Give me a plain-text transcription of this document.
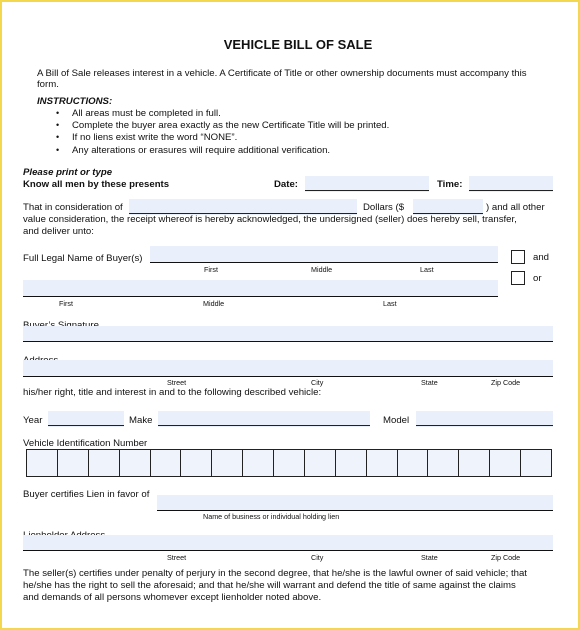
VEHICLE BILL OF SALE
A Bill of Sale releases interest in a vehicle. A Certificate of Title or other ownership documents must accompany this
form.
INSTRUCTIONS:
• All areas must be completed in full.
• Complete the buyer area exactly as the new Certificate Title will be printed.
• If no liens exist write the word “NONE”.
• Any alterations or erasures will require additional verification.
Please print or type
Know all men by these presents	Date:	Time:
That in consideration of	Dollars ($	) and all other
value consideration, the receipt whereof is hereby acknowledged, the undersigned (seller) does hereby sell, transfer,
and deliver unto:
Full Legal Name of Buyer(s)
First	Middle	Last
and
or
First	Middle	Last
Street	City	State	Zip Code
his/her right, title and interest in and to the following described vehicle:
Year	Make	Model
Vehicle Identification Number
Buyer certifies Lien in favor of
Name of business or individual holding lien
Street	City	State	Zip Code
The seller(s) certifies under penalty of perjury in the second degree, that he/she is the lawful owner of said vehicle; that
he/she has the right to sell the aforesaid; and that he/she will warrant and defend the title of same against the claims
and demands of all persons whomever except lienholder noted above.
